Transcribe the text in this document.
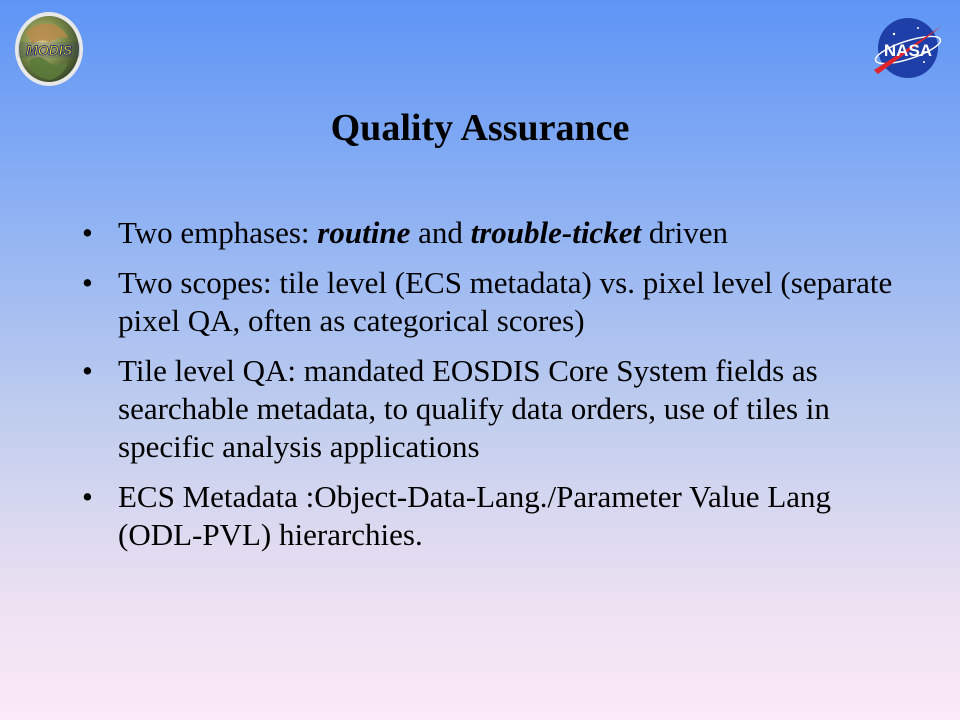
MODIS	NASA
Quality Assurance
• Two emphases: routine and trouble-ticket driven
• Two scopes: tile level (ECS metadata) vs. pixel level (separate pixel QA, often as categorical scores)
• Tile level QA: mandated EOSDIS Core System fields as searchable metadata, to qualify data orders, use of tiles in specific analysis applications
• ECS Metadata :Object-Data-Lang./Parameter Value Lang (ODL-PVL) hierarchies.
